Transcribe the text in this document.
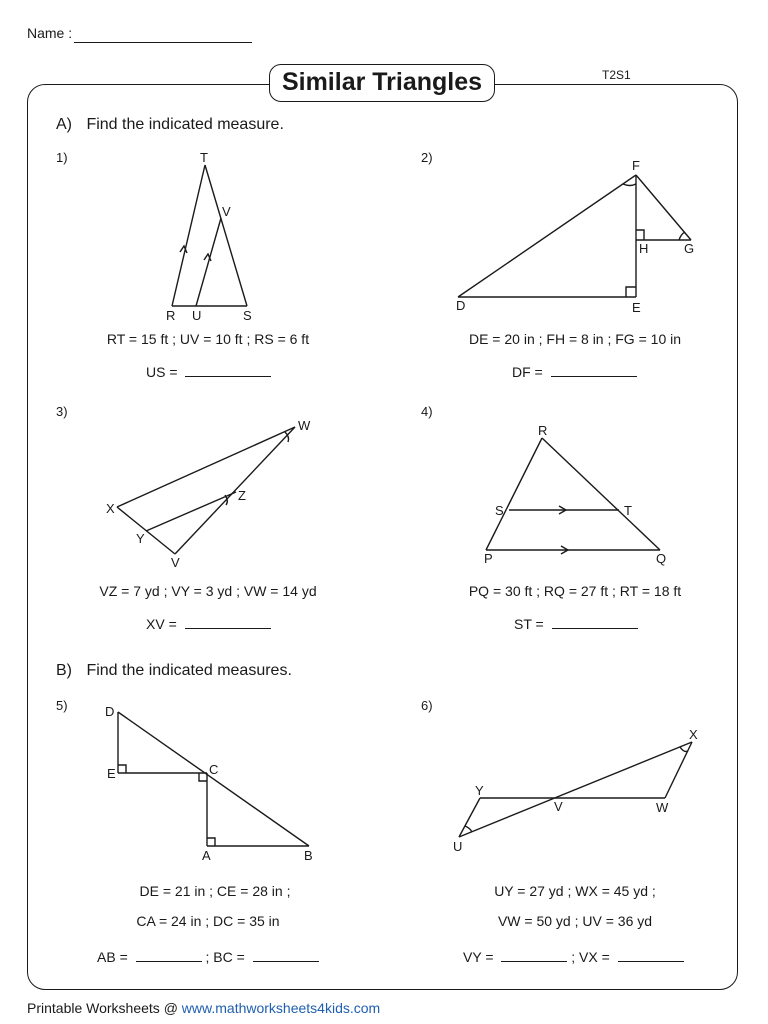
Name :
Similar Triangles	T2S1
A) Find the indicated measure.
1)	T
V
R U	S
RT = 15 ft ; UV = 10 ft ; RS = 6 ft
US =
2)
F
H	G
D	E
DE = 20 in ; FH = 8 in ; FG = 10 in
DF =
3)
W
X
Z
Y
V
VZ = 7 yd ; VY = 3 yd ; VW = 14 yd
XV =
4)
R
S	T
P	Q
PQ = 30 ft ; RQ = 27 ft ; RT = 18 ft
ST =
B) Find the indicated measures.
5)	D
E	C
A	B
DE = 21 in ; CE = 28 in ;
CA = 24 in ; DC = 35 in
AB =	; BC =
6)
X
Y
V	W
U
UY = 27 yd ; WX = 45 yd ;
VW = 50 yd ; UV = 36 yd
VY =	; VX =
Printable Worksheets @ www.mathworksheets4kids.com
